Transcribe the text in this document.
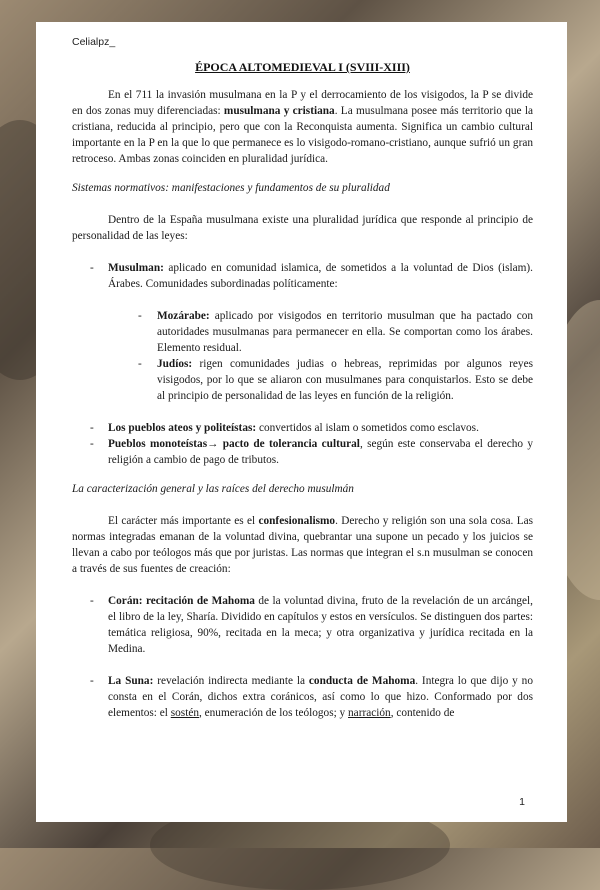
Celialpz_
ÉPOCA ALTOMEDIEVAL I (SVIII-XIII)

En el 711 la invasión musulmana en la P y el derrocamiento de los visigodos, la P se divide en dos zonas muy diferenciadas: musulmana y cristiana. La musulmana posee más territorio que la cristiana, reducida al principio, pero que con la Reconquista aumenta. Significa un cambio cultural importante en la P en la que lo que permanece es lo visigodo-romano-cristiano, aunque sufrió un gran retroceso. Ambas zonas coinciden en pluralidad jurídica.

Sistemas normativos: manifestaciones y fundamentos de su pluralidad

Dentro de la España musulmana existe una pluralidad jurídica que responde al principio de personalidad de las leyes:

- Musulman: aplicado en comunidad islamica, de sometidos a la voluntad de Dios (islam). Árabes. Comunidades subordinadas políticamente:
- Mozárabe: aplicado por visigodos en territorio musulman que ha pactado con autoridades musulmanas para permanecer en ella. Se comportan como los árabes. Elemento residual.
- Judíos: rigen comunidades judias o hebreas, reprimidas por algunos reyes visigodos, por lo que se aliaron con musulmanes para conquistarlos. Esto se debe al principio de personalidad de las leyes en función de la religión.
- Los pueblos ateos y politeístas: convertidos al islam o sometidos como esclavos.
- Pueblos monoteístas→ pacto de tolerancia cultural, según este conservaba el derecho y religión a cambio de pago de tributos.
La caracterización general y las raíces del derecho musulmán

El carácter más importante es el confesionalismo. Derecho y religión son una sola cosa. Las normas integradas emanan de la voluntad divina, quebrantar una supone un pecado y los juicios se llevan a cabo por teólogos más que por juristas. Las normas que integran el s.n musulman se conocen a través de sus fuentes de creación:

- Corán: recitación de Mahoma de la voluntad divina, fruto de la revelación de un arcángel, el libro de la ley, Sharía. Dividido en capítulos y estos en versículos. Se distinguen dos partes: temática religiosa, 90%, recitada en la meca; y otra organizativa y jurídica recitada en la Medina.
- La Suna: revelación indirecta mediante la conducta de Mahoma. Integra lo que dijo y no consta en el Corán, dichos extra coránicos, así como lo que hizo. Conformado por dos elementos: el sostén, enumeración de los teólogos; y narración, contenido de
1
